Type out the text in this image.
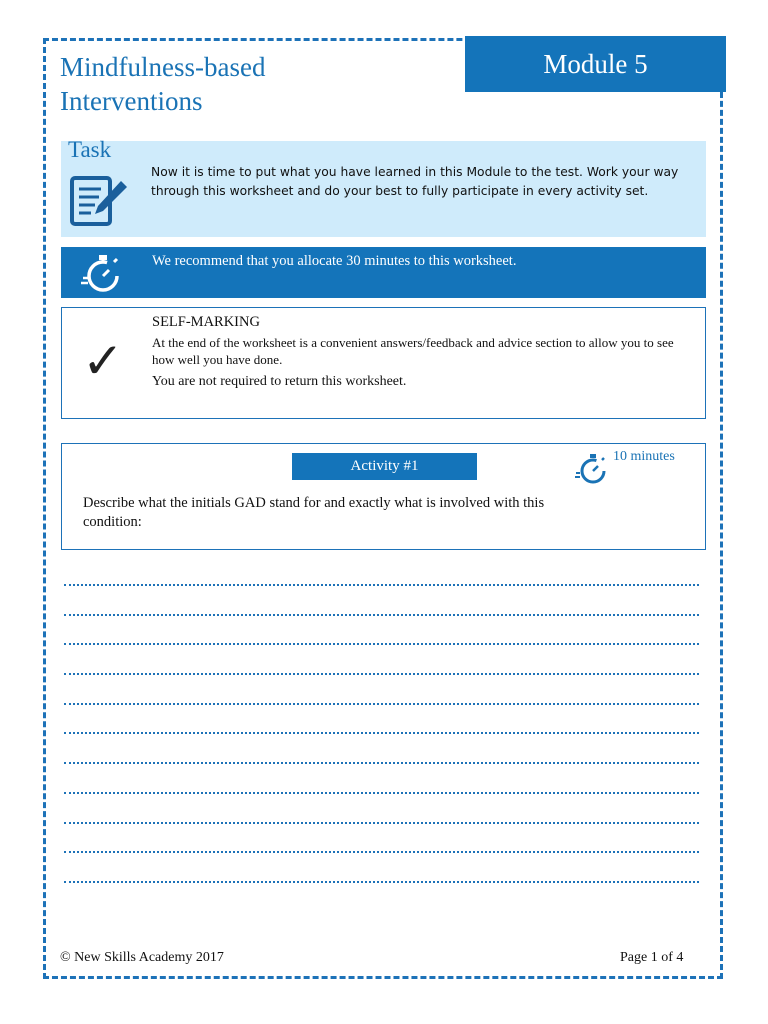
Mindfulness-based
Interventions
Module 5
Task
Now it is time to put what you have learned in this Module to the test. Work your way through this worksheet and do your best to fully participate in every activity set.
We recommend that you allocate 30 minutes to this worksheet.
✓
SELF-MARKING
At the end of the worksheet is a convenient answers/feedback and advice section to allow you to see how well you have done.
You are not required to return this worksheet.
Activity #1
10 minutes
Describe what the initials GAD stand for and exactly what is involved with this condition:
© New Skills Academy 2017	Page 1 of 4
